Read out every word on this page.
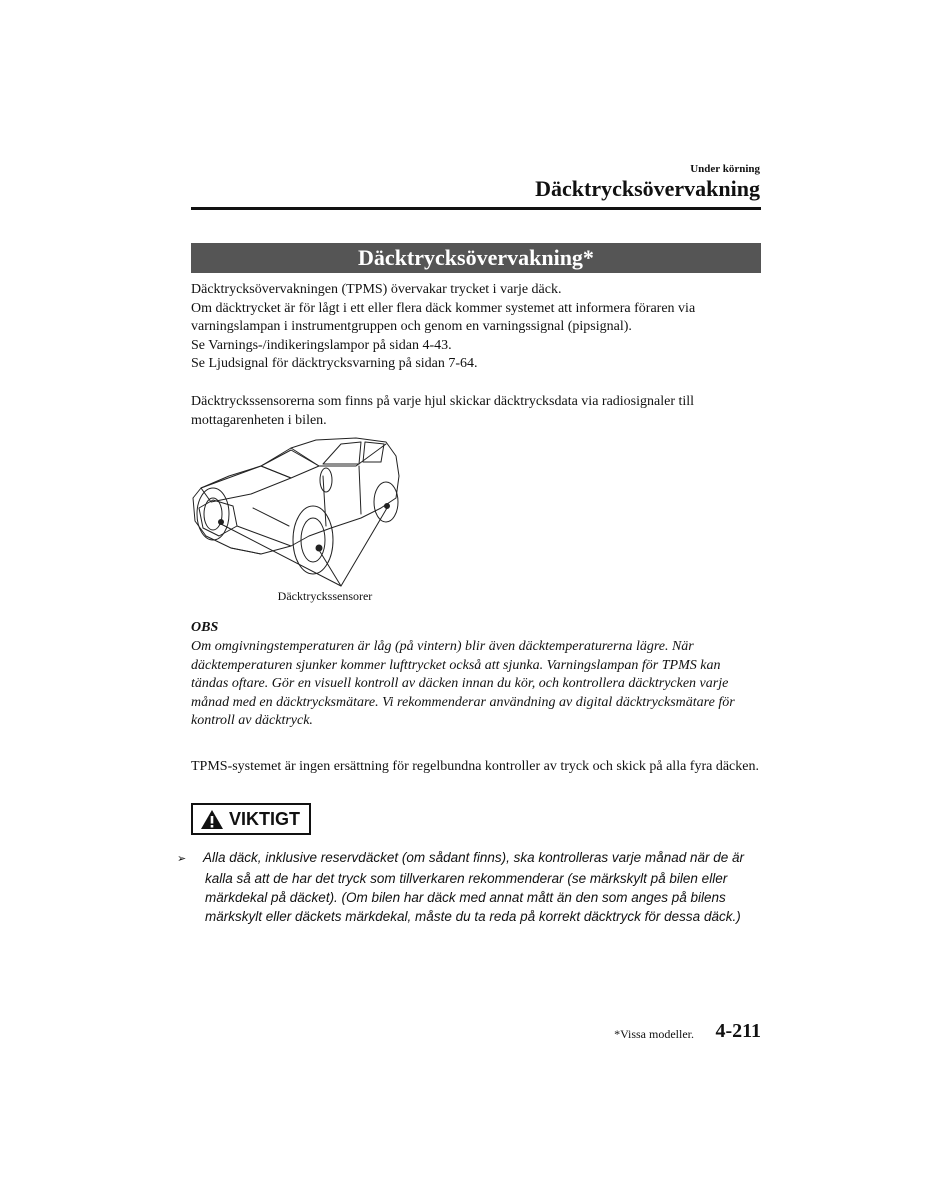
Under körning
Däcktrycksövervakning
Däcktrycksövervakning*

Däcktrycksövervakningen (TPMS) övervakar trycket i varje däck.

Om däcktrycket är för lågt i ett eller flera däck kommer systemet att informera föraren via varningslampan i instrumentgruppen och genom en varningssignal (pipsignal).

Se Varnings-/indikeringslampor på sidan 4-43.

Se Ljudsignal för däcktrycksvarning på sidan 7-64.

Däcktryckssensorerna som finns på varje hjul skickar däcktrycksdata via radiosignaler till mottagarenheten i bilen.
Däcktryckssensorer
OBS
Om omgivningstemperaturen är låg (på vintern) blir även däcktemperaturerna lägre. När däcktemperaturen sjunker kommer lufttrycket också att sjunka. Varningslampan för TPMS kan tändas oftare. Gör en visuell kontroll av däcken innan du kör, och kontrollera däcktrycken varje månad med en däcktrycksmätare. Vi rekommenderar användning av digital däcktrycksmätare för kontroll av däcktryck.
TPMS-systemet är ingen ersättning för regelbundna kontroller av tryck och skick på alla fyra däcken.
VIKTIGT
➢ Alla däck, inklusive reservdäcket (om sådant finns), ska kontrolleras varje månad när de är kalla så att de har det tryck som tillverkaren rekommenderar (se märkskylt på bilen eller märkdekal på däcket). (Om bilen har däck med annat mått än den som anges på bilens märkskylt eller däckets märkdekal, måste du ta reda på korrekt däcktryck för dessa däck.)
*Vissa modeller.	4-211
